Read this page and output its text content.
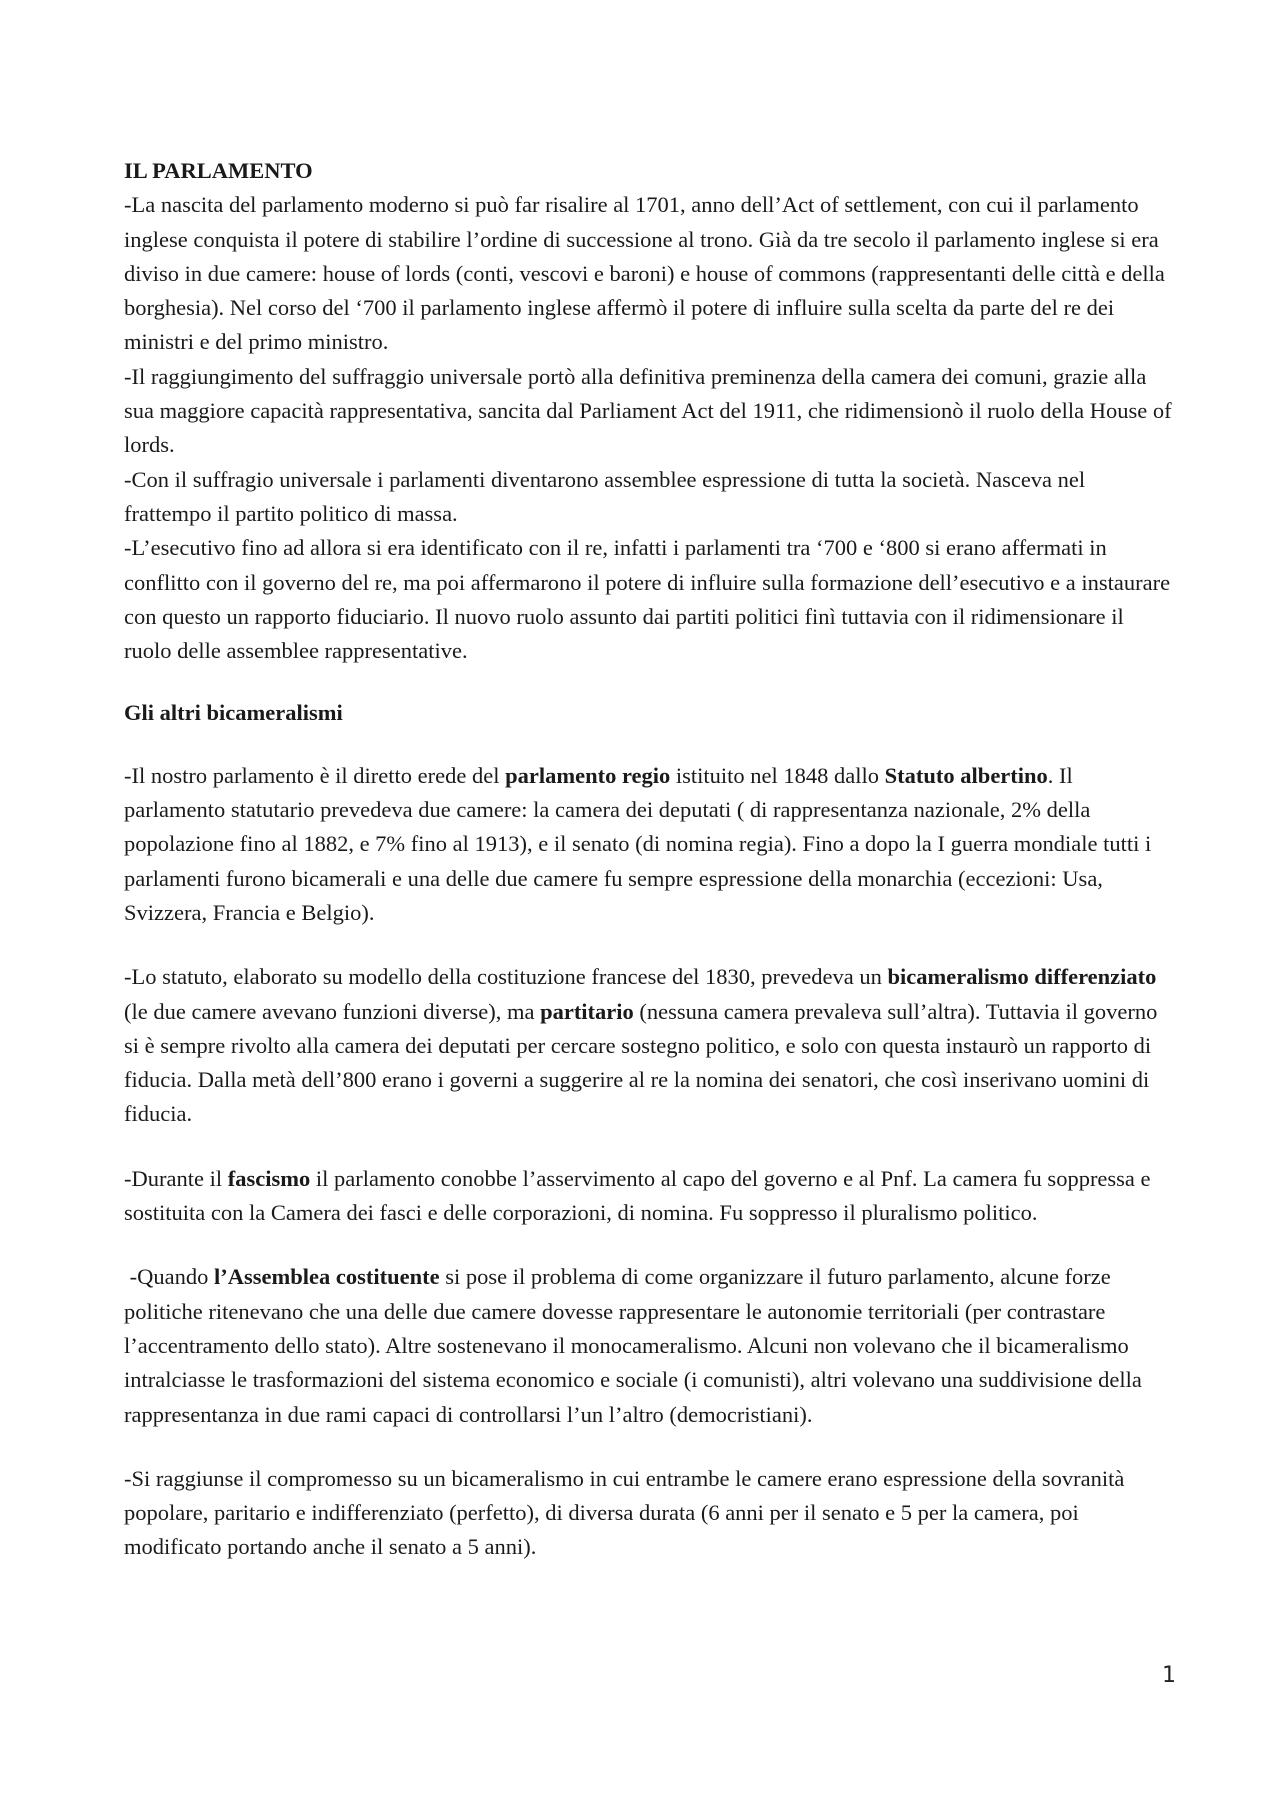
IL PARLAMENTO

-La nascita del parlamento moderno si può far risalire al 1701, anno dell’Act of settlement, con cui il parlamento inglese conquista il potere di stabilire l’ordine di successione al trono. Già da tre secolo il parlamento inglese si era diviso in due camere: house of lords (conti, vescovi e baroni) e house of commons (rappresentanti delle città e della borghesia). Nel corso del ‘700 il parlamento inglese affermò il potere di influire sulla scelta da parte del re dei ministri e del primo ministro.

-Il raggiungimento del suffraggio universale portò alla definitiva preminenza della camera dei comuni, grazie alla sua maggiore capacità rappresentativa, sancita dal Parliament Act del 1911, che ridimensionò il ruolo della House of lords.

-Con il suffragio universale i parlamenti diventarono assemblee espressione di tutta la società. Nasceva nel frattempo il partito politico di massa.

-L’esecutivo fino ad allora si era identificato con il re, infatti i parlamenti tra ‘700 e ‘800 si erano affermati in conflitto con il governo del re, ma poi affermarono il potere di influire sulla formazione dell’esecutivo e a instaurare con questo un rapporto fiduciario. Il nuovo ruolo assunto dai partiti politici finì tuttavia con il ridimensionare il ruolo delle assemblee rappresentative.

Gli altri bicameralismi

-Il nostro parlamento è il diretto erede del parlamento regio istituito nel 1848 dallo Statuto albertino. Il parlamento statutario prevedeva due camere: la camera dei deputati ( di rappresentanza nazionale, 2% della popolazione fino al 1882, e 7% fino al 1913), e il senato (di nomina regia). Fino a dopo la I guerra mondiale tutti i parlamenti furono bicamerali e una delle due camere fu sempre espressione della monarchia (eccezioni: Usa, Svizzera, Francia e Belgio).

-Lo statuto, elaborato su modello della costituzione francese del 1830, prevedeva un bicameralismo differenziato (le due camere avevano funzioni diverse), ma partitario (nessuna camera prevaleva sull’altra). Tuttavia il governo si è sempre rivolto alla camera dei deputati per cercare sostegno politico, e solo con questa instaurò un rapporto di fiducia. Dalla metà dell’800 erano i governi a suggerire al re la nomina dei senatori, che così inserivano uomini di fiducia.

-Durante il fascismo il parlamento conobbe l’asservimento al capo del governo e al Pnf. La camera fu soppressa e sostituita con la Camera dei fasci e delle corporazioni, di nomina. Fu soppresso il pluralismo politico.

-Quando l’Assemblea costituente si pose il problema di come organizzare il futuro parlamento, alcune forze politiche ritenevano che una delle due camere dovesse rappresentare le autonomie territoriali (per contrastare l’accentramento dello stato). Altre sostenevano il monocameralismo. Alcuni non volevano che il bicameralismo intralciasse le trasformazioni del sistema economico e sociale (i comunisti), altri volevano una suddivisione della rappresentanza in due rami capaci di controllarsi l’un l’altro (democristiani).

-Si raggiunse il compromesso su un bicameralismo in cui entrambe le camere erano espressione della sovranità popolare, paritario e indifferenziato (perfetto), di diversa durata (6 anni per il senato e 5 per la camera, poi modificato portando anche il senato a 5 anni).

1
